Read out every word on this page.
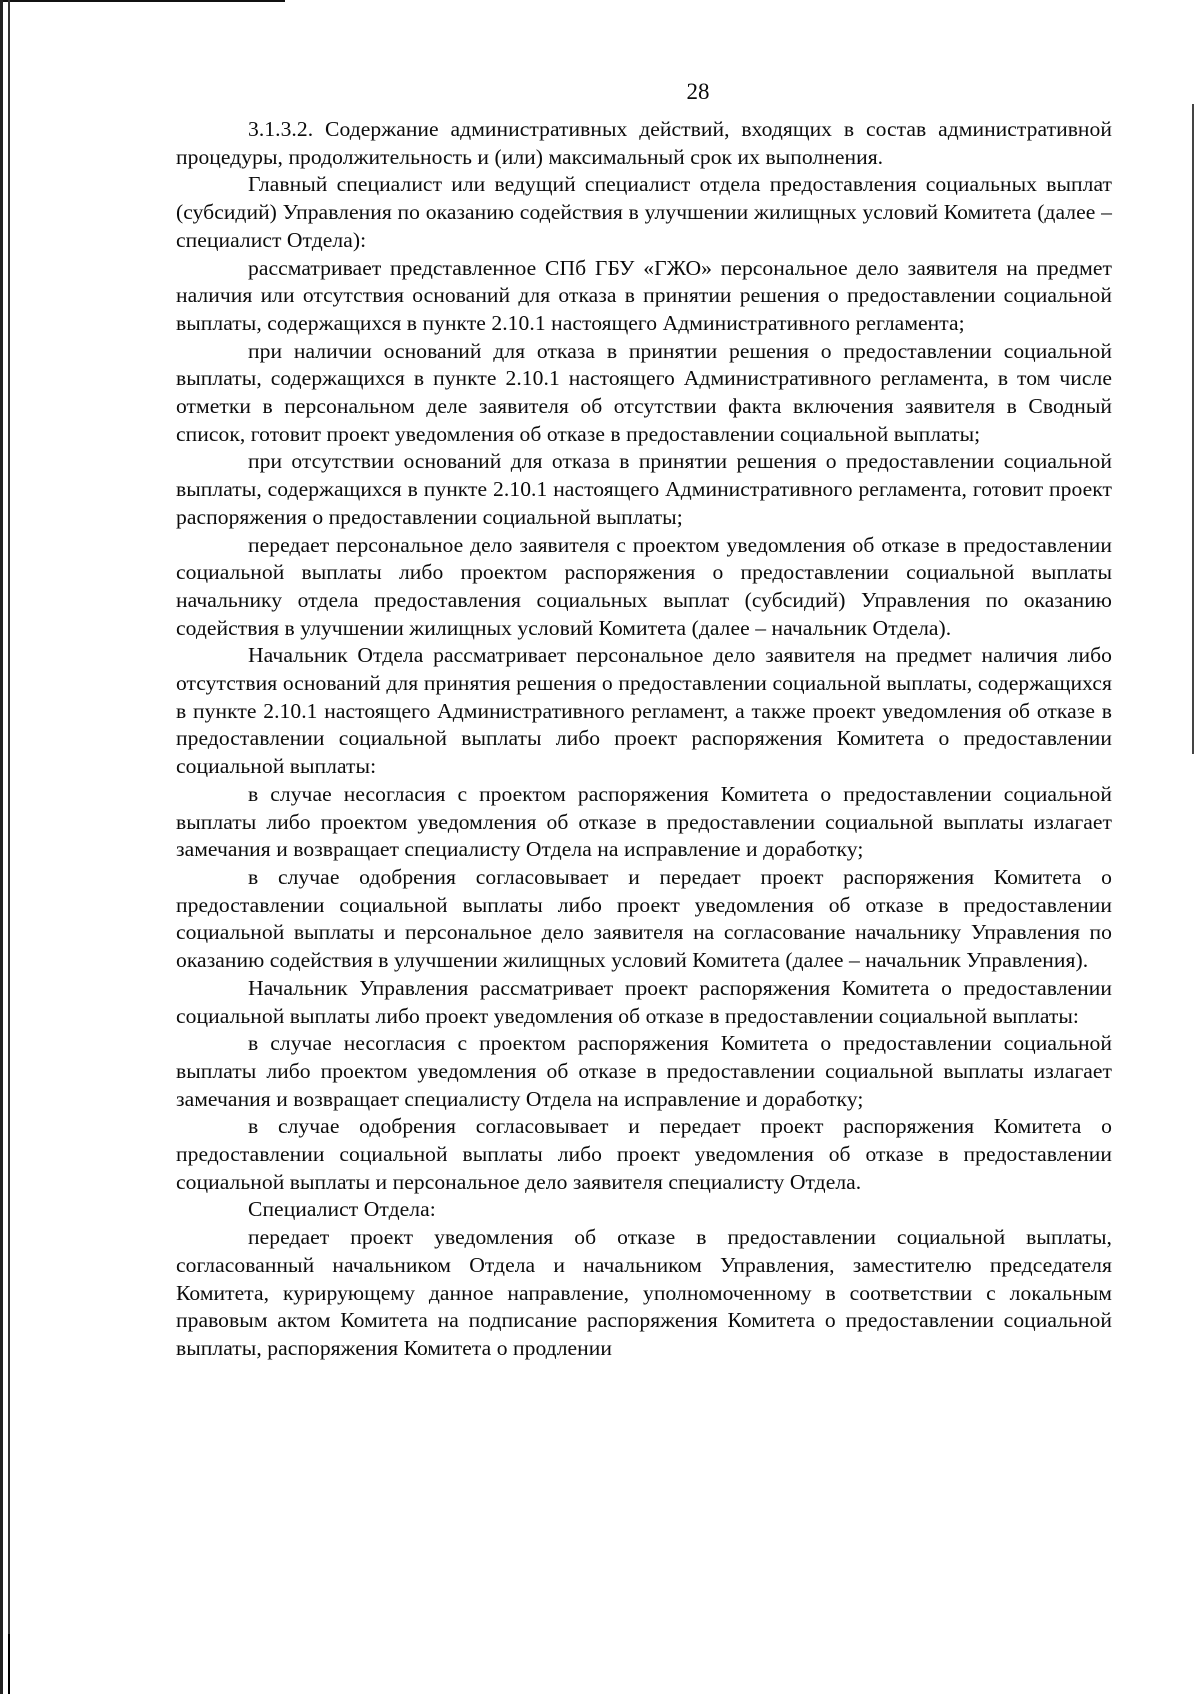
28

3.1.3.2. Содержание административных действий, входящих в состав административной процедуры, продолжительность и (или) максимальный срок их выполнения.

Главный специалист или ведущий специалист отдела предоставления социальных выплат (субсидий) Управления по оказанию содействия в улучшении жилищных условий Комитета (далее – специалист Отдела):

рассматривает представленное СПб ГБУ «ГЖО» персональное дело заявителя на предмет наличия или отсутствия оснований для отказа в принятии решения о предоставлении социальной выплаты, содержащихся в пункте 2.10.1 настоящего Административного регламента;

при наличии оснований для отказа в принятии решения о предоставлении социальной выплаты, содержащихся в пункте 2.10.1 настоящего Административного регламента, в том числе отметки в персональном деле заявителя об отсутствии факта включения заявителя в Сводный список, готовит проект уведомления об отказе в предоставлении социальной выплаты;

при отсутствии оснований для отказа в принятии решения о предоставлении социальной выплаты, содержащихся в пункте 2.10.1 настоящего Административного регламента, готовит проект распоряжения о предоставлении социальной выплаты;

передает персональное дело заявителя с проектом уведомления об отказе в предоставлении социальной выплаты либо проектом распоряжения о предоставлении социальной выплаты начальнику отдела предоставления социальных выплат (субсидий) Управления по оказанию содействия в улучшении жилищных условий Комитета (далее – начальник Отдела).

Начальник Отдела рассматривает персональное дело заявителя на предмет наличия либо отсутствия оснований для принятия решения о предоставлении социальной выплаты, содержащихся в пункте 2.10.1 настоящего Административного регламент, а также проект уведомления об отказе в предоставлении социальной выплаты либо проект распоряжения Комитета о предоставлении социальной выплаты:

в случае несогласия с проектом распоряжения Комитета о предоставлении социальной выплаты либо проектом уведомления об отказе в предоставлении социальной выплаты излагает замечания и возвращает специалисту Отдела на исправление и доработку;

в случае одобрения согласовывает и передает проект распоряжения Комитета о предоставлении социальной выплаты либо проект уведомления об отказе в предоставлении социальной выплаты и персональное дело заявителя на согласование начальнику Управления по оказанию содействия в улучшении жилищных условий Комитета (далее – начальник Управления).

Начальник Управления рассматривает проект распоряжения Комитета о предоставлении социальной выплаты либо проект уведомления об отказе в предоставлении социальной выплаты:

в случае несогласия с проектом распоряжения Комитета о предоставлении социальной выплаты либо проектом уведомления об отказе в предоставлении социальной выплаты излагает замечания и возвращает специалисту Отдела на исправление и доработку;

в случае одобрения согласовывает и передает проект распоряжения Комитета о предоставлении социальной выплаты либо проект уведомления об отказе в предоставлении социальной выплаты и персональное дело заявителя специалисту Отдела.

Специалист Отдела:

передает проект уведомления об отказе в предоставлении социальной выплаты, согласованный начальником Отдела и начальником Управления, заместителю председателя Комитета, курирующему данное направление, уполномоченному в соответствии с локальным правовым актом Комитета на подписание распоряжения Комитета о предоставлении социальной выплаты, распоряжения Комитета о продлении
